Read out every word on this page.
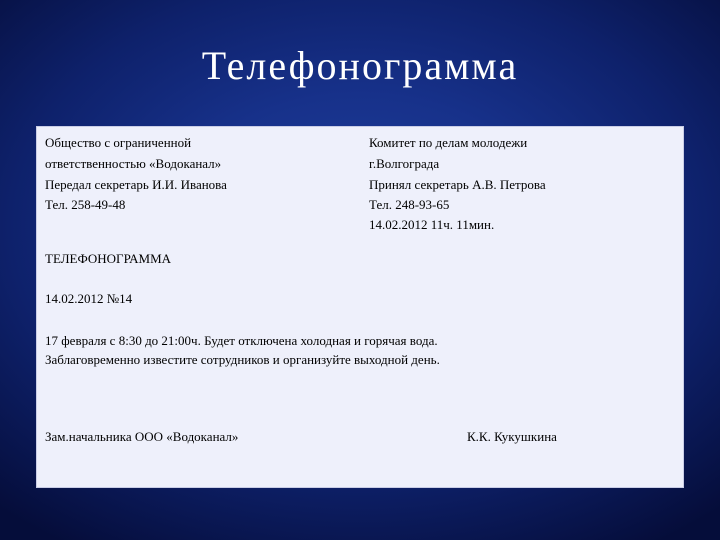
Телефонограмма
Общество с ограниченной
ответственностью «Водоканал»
Передал секретарь И.И. Иванова
Тел. 258-49-48
Комитет по делам молодежи
г.Волгограда
Принял секретарь А.В. Петрова
Тел. 248-93-65
14.02.2012 11ч. 11мин.
ТЕЛЕФОНОГРАММА
14.02.2012 №14
17 февраля с 8:30 до 21:00ч. Будет отключена холодная и горячая вода.
Заблаговременно известите сотрудников и организуйте выходной день.
Зам.начальника ООО «Водоканал»	К.К. Кукушкина
